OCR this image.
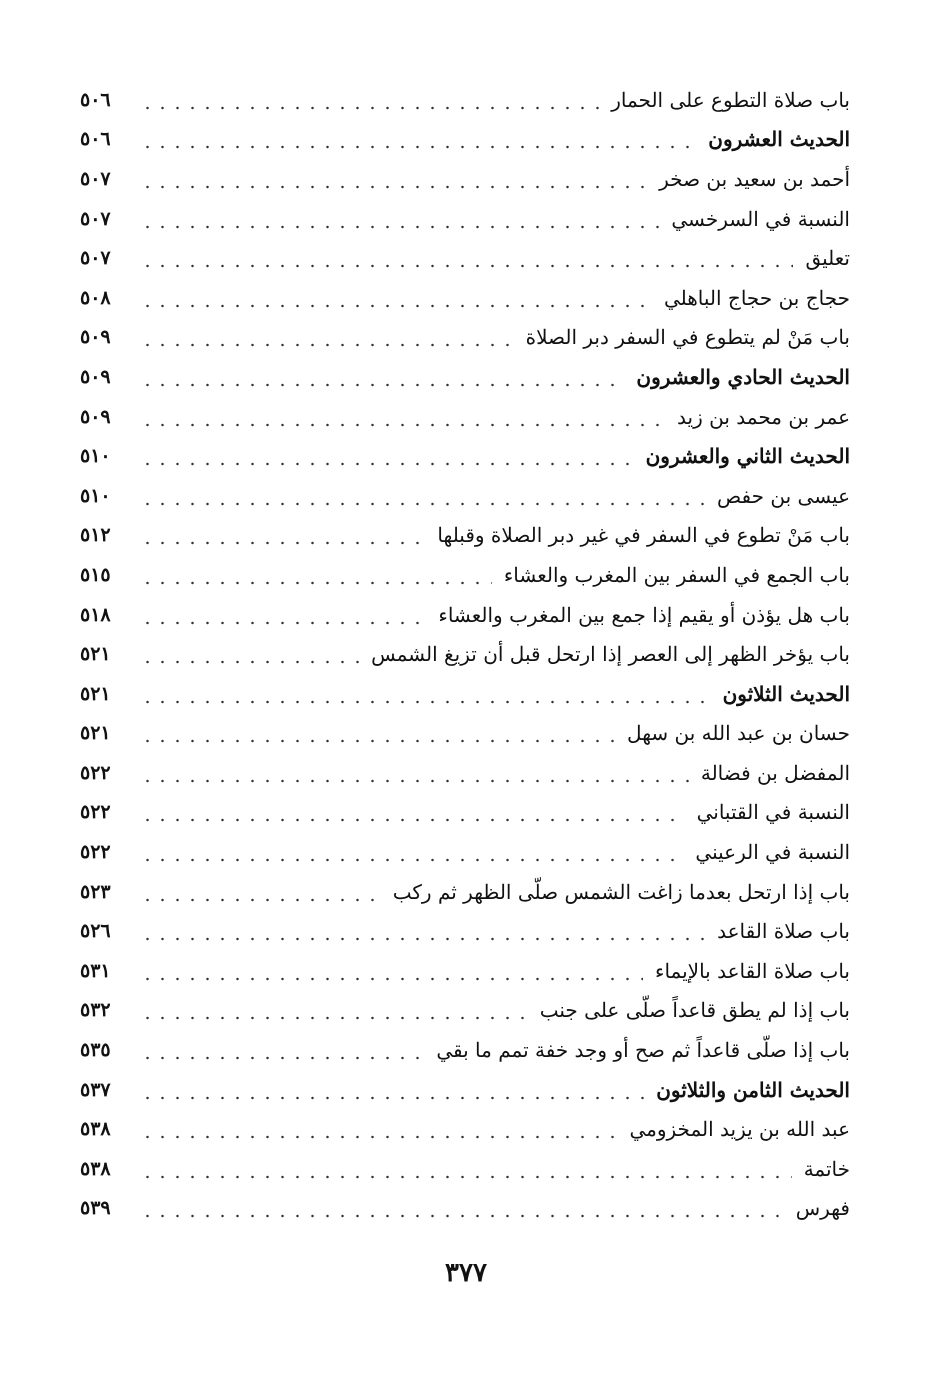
باب صلاة التطوع على الحمار
٥٠٦
الحديث العشرون
٥٠٦
أحمد بن سعيد بن صخر
٥٠٧
النسبة في السرخسي
٥٠٧
تعليق
٥٠٧
حجاج بن حجاج الباهلي
٥٠٨
باب مَنْ لم يتطوع في السفر دبر الصلاة
٥٠٩
الحديث الحادي والعشرون
٥٠٩
عمر بن محمد بن زيد
٥٠٩
الحديث الثاني والعشرون
٥١٠
عيسى بن حفص
٥١٠
باب مَنْ تطوع في السفر في غير دبر الصلاة وقبلها
٥١٢
باب الجمع في السفر بين المغرب والعشاء
٥١٥
باب هل يؤذن أو يقيم إذا جمع بين المغرب والعشاء
٥١٨
باب يؤخر الظهر إلى العصر إذا ارتحل قبل أن تزيغ الشمس
٥٢١
الحديث الثلاثون
٥٢١
حسان بن عبد الله بن سهل
٥٢١
المفضل بن فضالة
٥٢٢
النسبة في القتباني
٥٢٢
النسبة في الرعيني
٥٢٢
باب إذا ارتحل بعدما زاغت الشمس صلّى الظهر ثم ركب
٥٢٣
باب صلاة القاعد
٥٢٦
باب صلاة القاعد بالإيماء
٥٣١
باب إذا لم يطق قاعداً صلّى على جنب
٥٣٢
باب إذا صلّى قاعداً ثم صح أو وجد خفة تمم ما بقي
٥٣٥
الحديث الثامن والثلاثون
٥٣٧
عبد الله بن يزيد المخزومي
٥٣٨
خاتمة
٥٣٨
فهرس
٥٣٩
٣٧٧
